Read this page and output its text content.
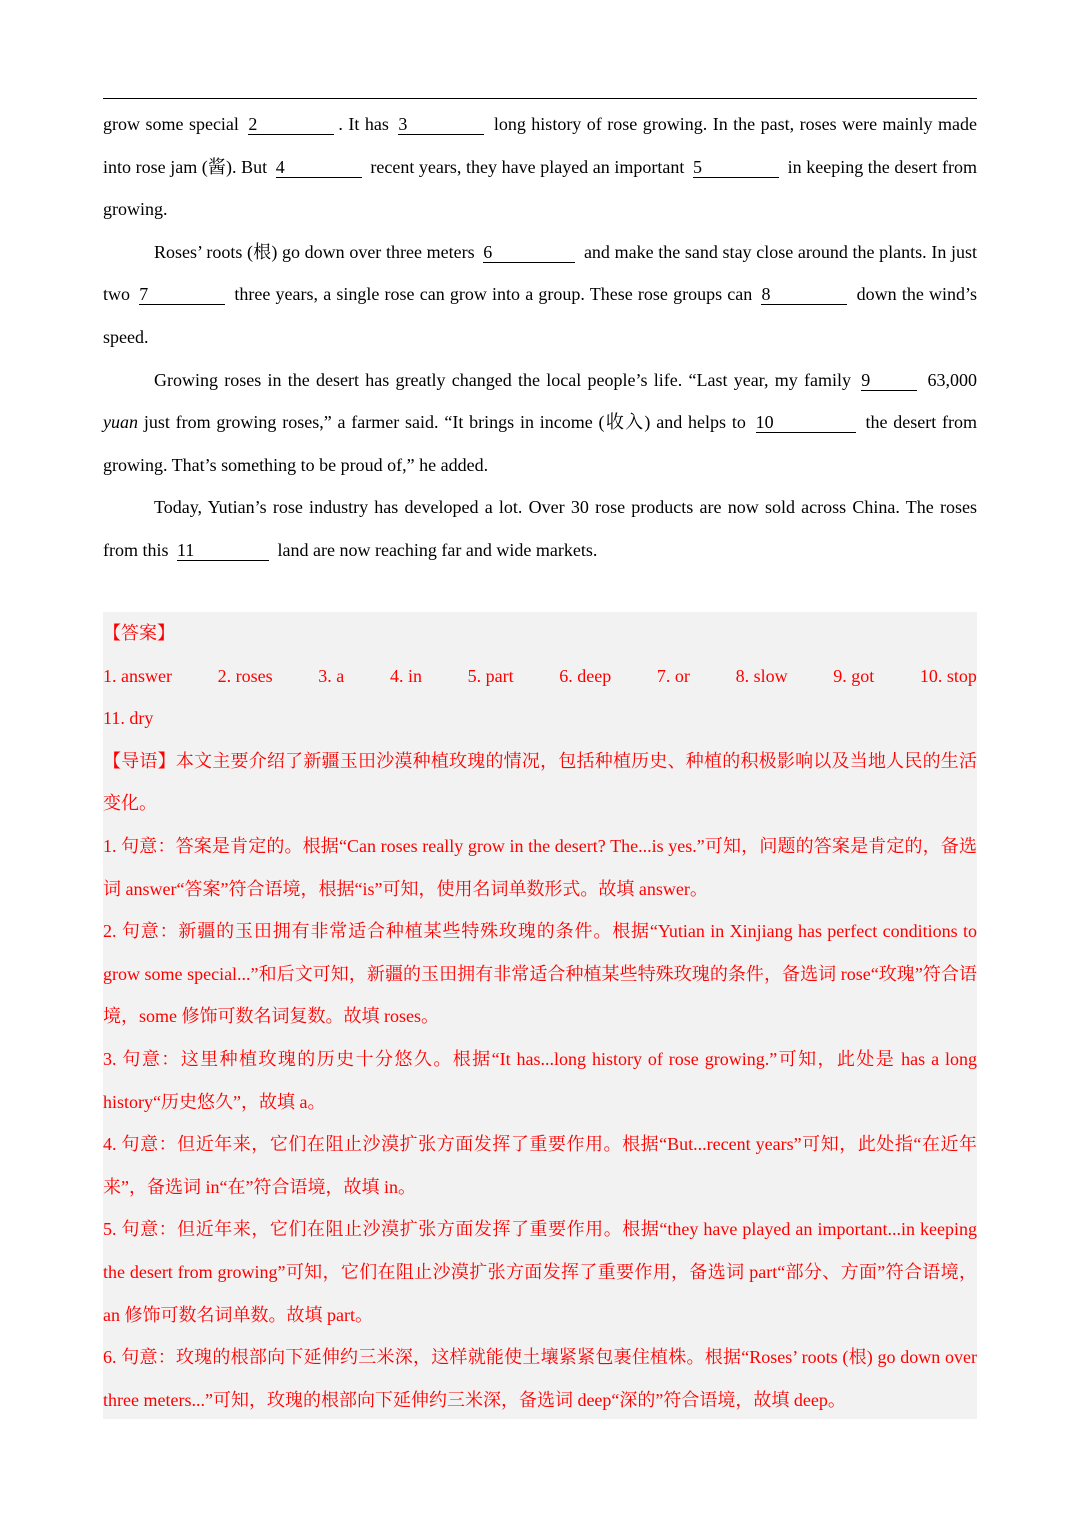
grow some special 2	. It has 3	long history of rose growing. In the past, roses were mainly made into rose jam (酱). But 4	recent years, they have played an important 5	in keeping the desert from growing.

Roses’ roots (根) go down over three meters 6	and make the sand stay close around the plants. In just two 7	three years, a single rose can grow into a group. These rose groups can 8	down the wind’s speed.

Growing roses in the desert has greatly changed the local people’s life. “Last year, my family 9	63,000 yuan just from growing roses,” a farmer said. “It brings in income (收入) and helps to 10	the desert from growing. That’s something to be proud of,” he added.

Today, Yutian’s rose industry has developed a lot. Over 30 rose products are now sold across China. The roses from this 11	land are now reaching far and wide markets.

【答案】

1. answer	2. roses	3. a	4. in	5. part	6. deep	7. or	8. slow	9. got	10. stop

11. dry

【导语】本文主要介绍了新疆玉田沙漠种植玫瑰的情况，包括种植历史、种植的积极影响以及当地人民的生活变化。

1. 句意：答案是肯定的。根据“Can roses really grow in the desert? The...is yes.”可知，问题的答案是肯定的，备选词 answer“答案”符合语境，根据“is”可知，使用名词单数形式。故填 answer。

2. 句意：新疆的玉田拥有非常适合种植某些特殊玫瑰的条件。根据“Yutian in Xinjiang has perfect conditions to grow some special...”和后文可知，新疆的玉田拥有非常适合种植某些特殊玫瑰的条件，备选词 rose“玫瑰”符合语境，some 修饰可数名词复数。故填 roses。

3. 句意：这里种植玫瑰的历史十分悠久。根据“It has...long history of rose growing.”可知，此处是 has a long history“历史悠久”，故填 a。

4. 句意：但近年来，它们在阻止沙漠扩张方面发挥了重要作用。根据“But...recent years”可知，此处指“在近年来”，备选词 in“在”符合语境，故填 in。

5. 句意：但近年来，它们在阻止沙漠扩张方面发挥了重要作用。根据“they have played an important...in keeping the desert from growing”可知，它们在阻止沙漠扩张方面发挥了重要作用，备选词 part“部分、方面”符合语境，an 修饰可数名词单数。故填 part。

6. 句意：玫瑰的根部向下延伸约三米深，这样就能使土壤紧紧包裹住植株。根据“Roses’ roots (根) go down over three meters...”可知，玫瑰的根部向下延伸约三米深，备选词 deep“深的”符合语境，故填 deep。
